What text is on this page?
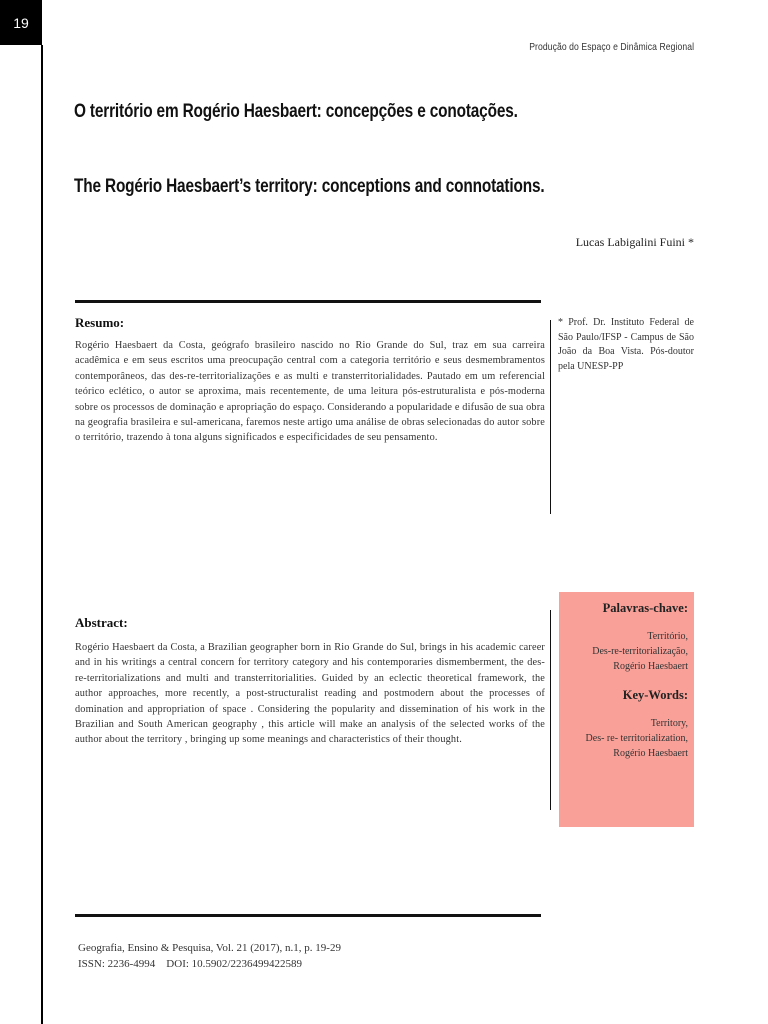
19
Produção do Espaço e Dinâmica Regional
O território em Rogério Haesbaert: concepções e conotações.
The Rogério Haesbaert’s territory: conceptions and connotations.
Lucas Labigalini Fuini *
Resumo:
Rogério Haesbaert da Costa, geógrafo brasileiro nascido no Rio Grande do Sul, traz em sua carreira acadêmica e em seus escritos uma preocupação central com a categoria território e seus desmembramentos contemporâneos, das des-re-territorializações e as multi e transterritorialidades. Pautado em um referencial teórico eclético, o autor se aproxima, mais recentemente, de uma leitura pós-estruturalista e pós-moderna sobre os processos de dominação e apropriação do espaço. Considerando a popularidade e difusão de sua obra na geografia brasileira e sul-americana, faremos neste artigo uma análise de obras selecionadas do autor sobre o território, trazendo à tona alguns significados e especificidades de seu pensamento.
* Prof. Dr. Instituto Federal de São Paulo/IFSP - Campus de São João da Boa Vista. Pós-doutor pela UNESP-PP
Abstract:
Rogério Haesbaert da Costa, a Brazilian geographer born in Rio Grande do Sul, brings in his academic career and in his writings a central concern for territory category and his contemporaries dismemberment, the des-re-territorializations and multi and transterritorialities. Guided by an eclectic theoretical framework, the author approaches, more recently, a post-structuralist reading and postmodern about the processes of domination and appropriation of space . Considering the popularity and dissemination of his work in the Brazilian and South American geography , this article will make an analysis of the selected works of the author about the territory , bringing up some meanings and characteristics of their thought.
Palavras-chave:
Território,
Des-re-territorialização,
Rogério Haesbaert
Key-Words:
Territory,
Des- re- territorialization,
Rogério Haesbaert
Geografia, Ensino & Pesquisa, Vol. 21 (2017), n.1, p. 19-29
ISSN: 2236-4994    DOI: 10.5902/2236499422589
